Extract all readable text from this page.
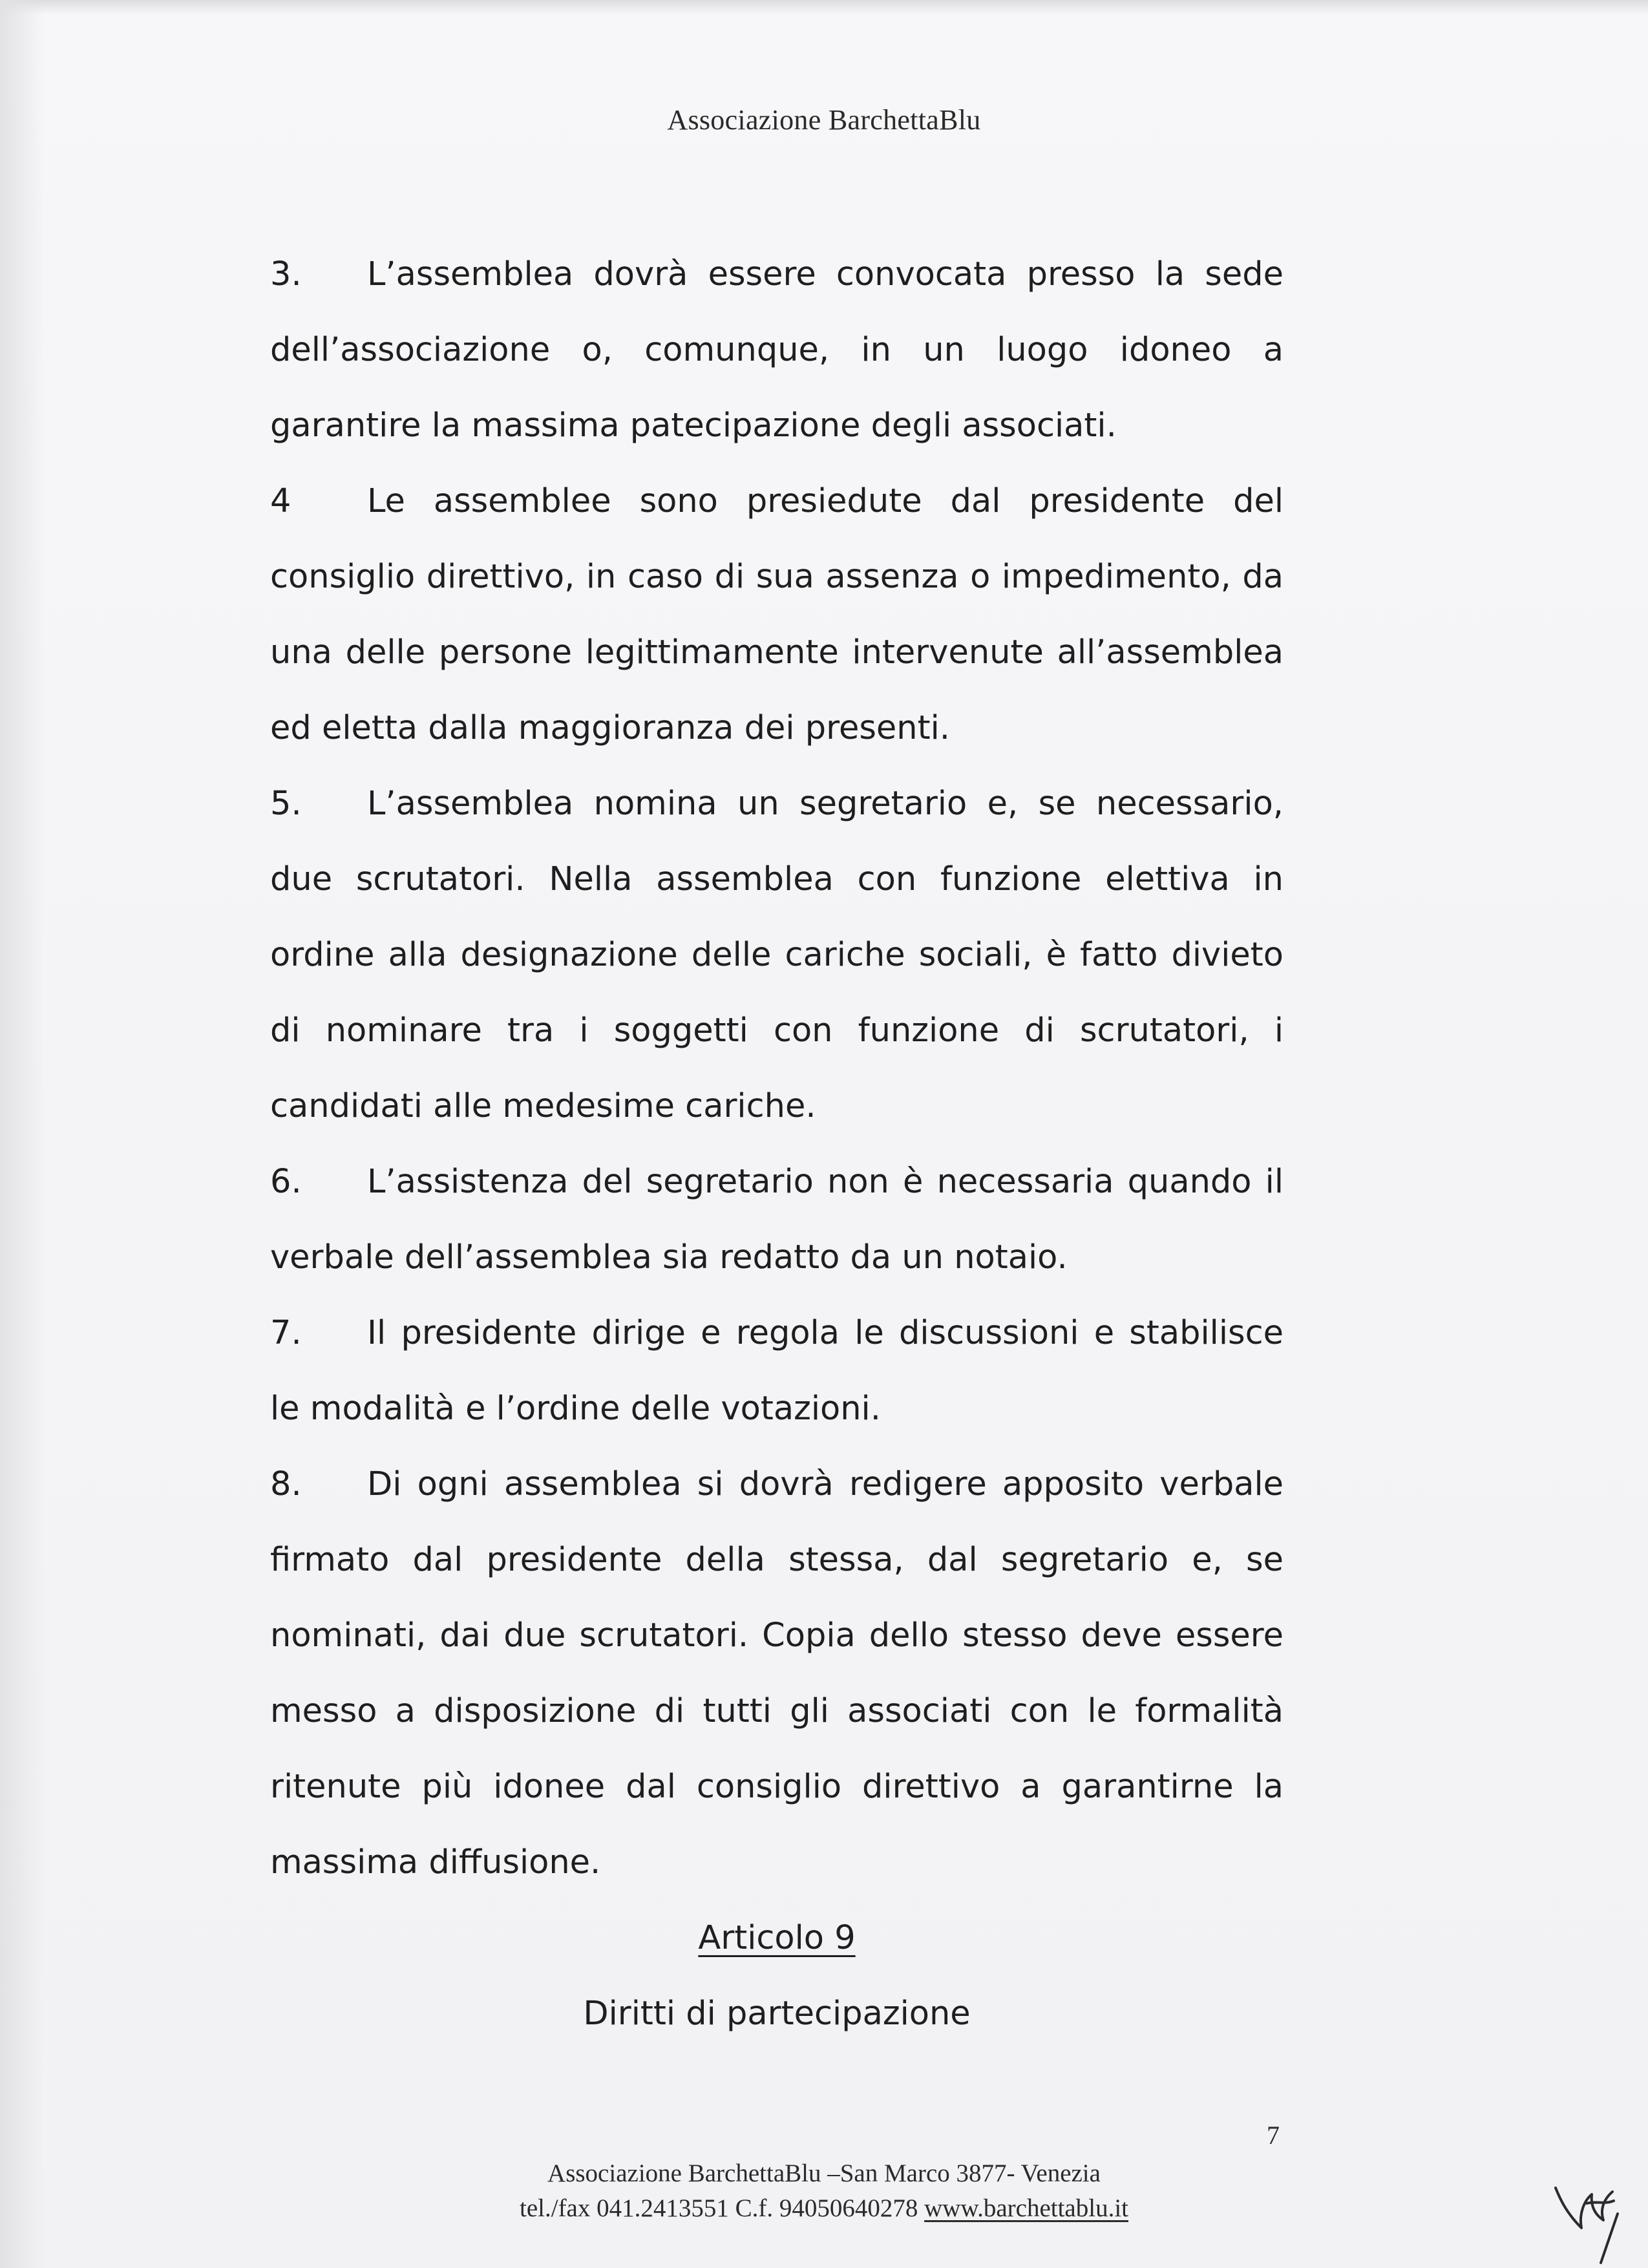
Associazione BarchettaBlu

3. L’assemblea dovrà essere convocata presso la sede dell’associazione o, comunque, in un luogo idoneo a garantire la massima patecipazione degli associati.

4 Le assemblee sono presiedute dal presidente del consiglio direttivo, in caso di sua assenza o impedimento, da una delle persone legittimamente intervenute all’assemblea ed eletta dalla maggioranza dei presenti.

5. L’assemblea nomina un segretario e, se necessario, due scrutatori. Nella assemblea con funzione elettiva in ordine alla designazione delle cariche sociali, è fatto divieto di nominare tra i soggetti con funzione di scrutatori, i candidati alle medesime cariche.

6. L’assistenza del segretario non è necessaria quando il verbale dell’assemblea sia redatto da un notaio.

7. Il presidente dirige e regola le discussioni e stabilisce le modalità e l’ordine delle votazioni.

8. Di ogni assemblea si dovrà redigere apposito verbale firmato dal presidente della stessa, dal segretario e, se nominati, dai due scrutatori. Copia dello stesso deve essere messo a disposizione di tutti gli associati con le formalità ritenute più idonee dal consiglio direttivo a garantirne la massima diffusione.

Articolo 9

Diritti di partecipazione

7
Associazione BarchettaBlu –San Marco 3877- Venezia
tel./fax 041.2413551 C.f. 94050640278 www.barchettablu.it
